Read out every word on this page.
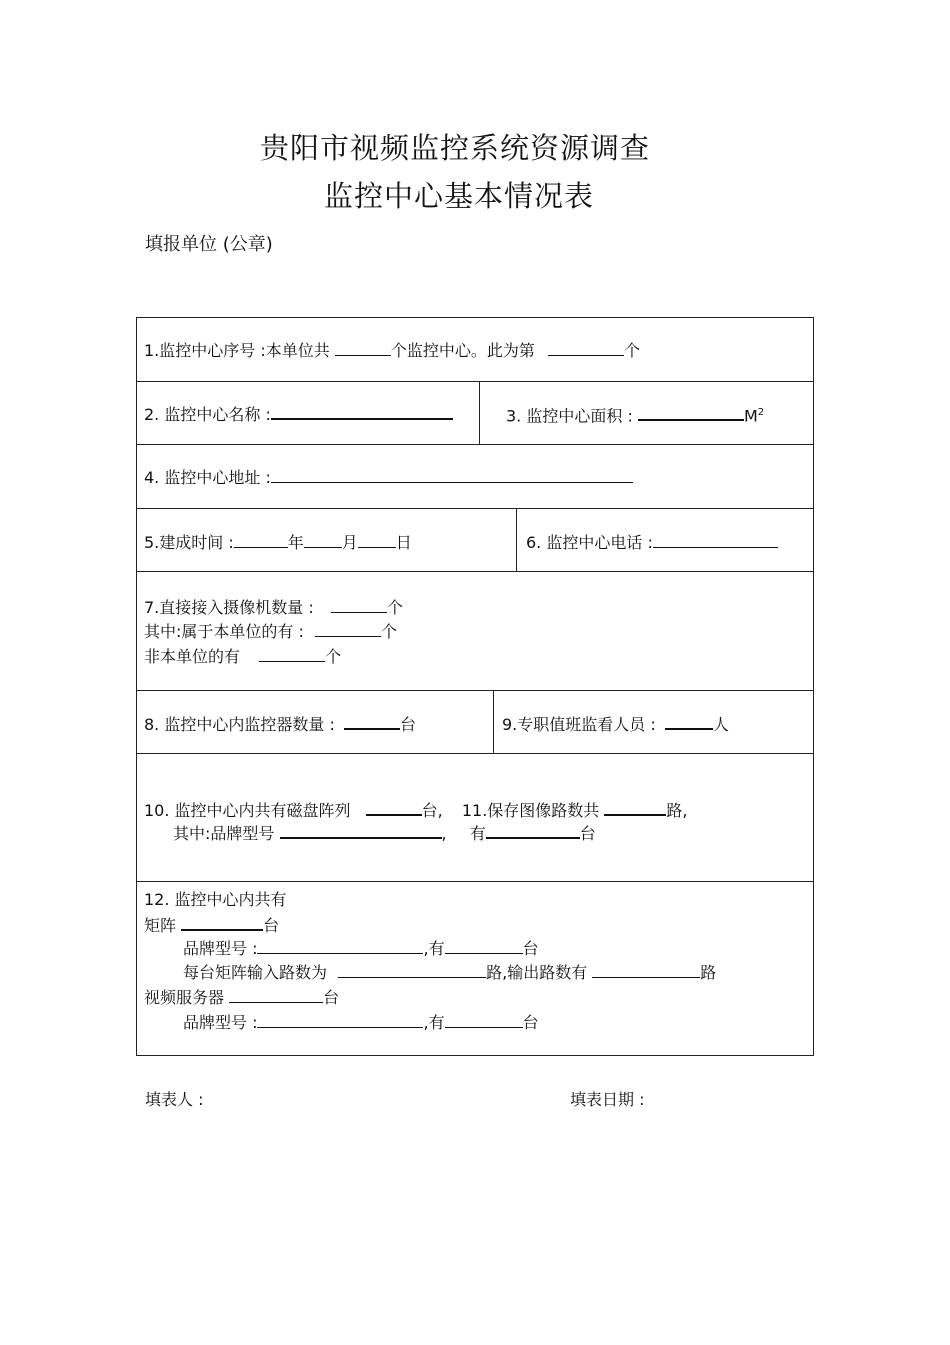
贵阳市视频监控系统资源调查
监控中心基本情况表
填报单位 (公章)
1.监控中心序号 :本单位共	个监控中心。此为第	个
2. 监控中心名称 :	3. 监控中心面积 :	$M^2$
4. 监控中心地址 :
5.建成时间 :	年 月 日	6. 监控中心电话 :
7.直接接入摄像机数量 :	个
其中:属于本单位的有 :	个
非本单位的有	个
8. 监控中心内监控器数量 :	台	9.专职值班监看人员 :	人
10. 监控中心内共有磁盘阵列	台, 11.保存图像路数共	路,
其中:品牌型号	, 有	台
12. 监控中心内共有
矩阵	台
品牌型号 :	,有	台
每台矩阵输入路数为	路,输出路数有	路
视频服务器	台
品牌型号 :	,有	台
填表人 :	填表日期 :
